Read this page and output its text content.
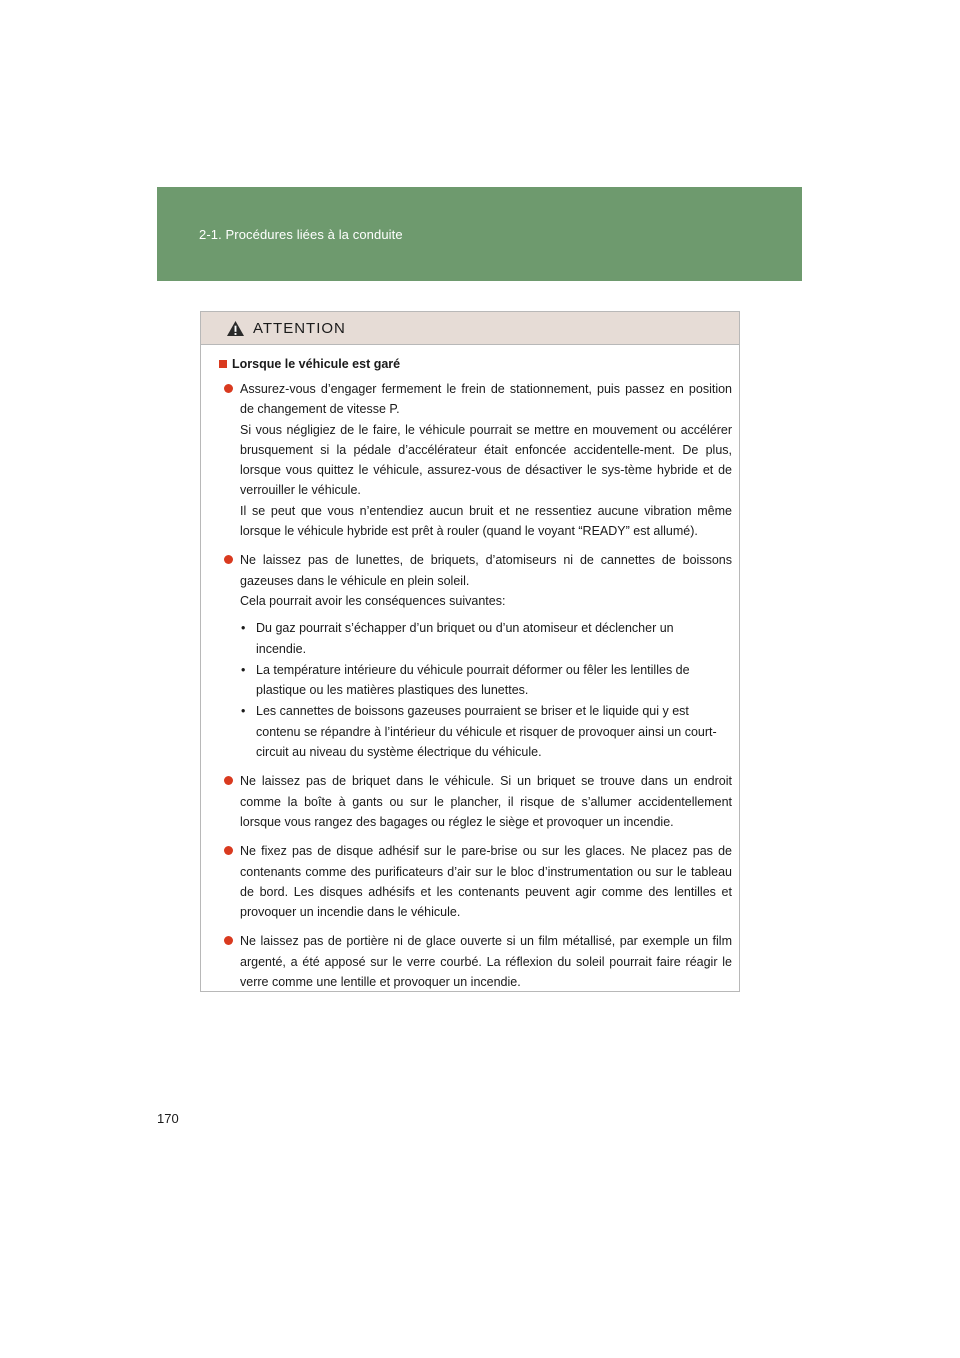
2-1. Procédures liées à la conduite
ATTENTION
Lorsque le véhicule est garé

Assurez-vous d’engager fermement le frein de stationnement, puis passez en position de changement de vitesse P.

Si vous négligiez de le faire, le véhicule pourrait se mettre en mouvement ou accélérer brusquement si la pédale d’accélérateur était enfoncée accidentelle-ment. De plus, lorsque vous quittez le véhicule, assurez-vous de désactiver le sys-tème hybride et de verrouiller le véhicule.

Il se peut que vous n’entendiez aucun bruit et ne ressentiez aucune vibration même lorsque le véhicule hybride est prêt à rouler (quand le voyant “READY” est allumé).

Ne laissez pas de lunettes, de briquets, d’atomiseurs ni de cannettes de boissons gazeuses dans le véhicule en plein soleil.

Cela pourrait avoir les conséquences suivantes:

• Du gaz pourrait s’échapper d’un briquet ou d’un atomiseur et déclencher un incendie.
• La température intérieure du véhicule pourrait déformer ou fêler les lentilles de plastique ou les matières plastiques des lunettes.
• Les cannettes de boissons gazeuses pourraient se briser et le liquide qui y est contenu se répandre à l’intérieur du véhicule et risquer de provoquer ainsi un court-circuit au niveau du système électrique du véhicule.

Ne laissez pas de briquet dans le véhicule. Si un briquet se trouve dans un endroit comme la boîte à gants ou sur le plancher, il risque de s’allumer accidentellement lorsque vous rangez des bagages ou réglez le siège et provoquer un incendie.

Ne fixez pas de disque adhésif sur le pare-brise ou sur les glaces. Ne placez pas de contenants comme des purificateurs d’air sur le bloc d’instrumentation ou sur le tableau de bord. Les disques adhésifs et les contenants peuvent agir comme des lentilles et provoquer un incendie dans le véhicule.

Ne laissez pas de portière ni de glace ouverte si un film métallisé, par exemple un film argenté, a été apposé sur le verre courbé. La réflexion du soleil pourrait faire réagir le verre comme une lentille et provoquer un incendie.

170
